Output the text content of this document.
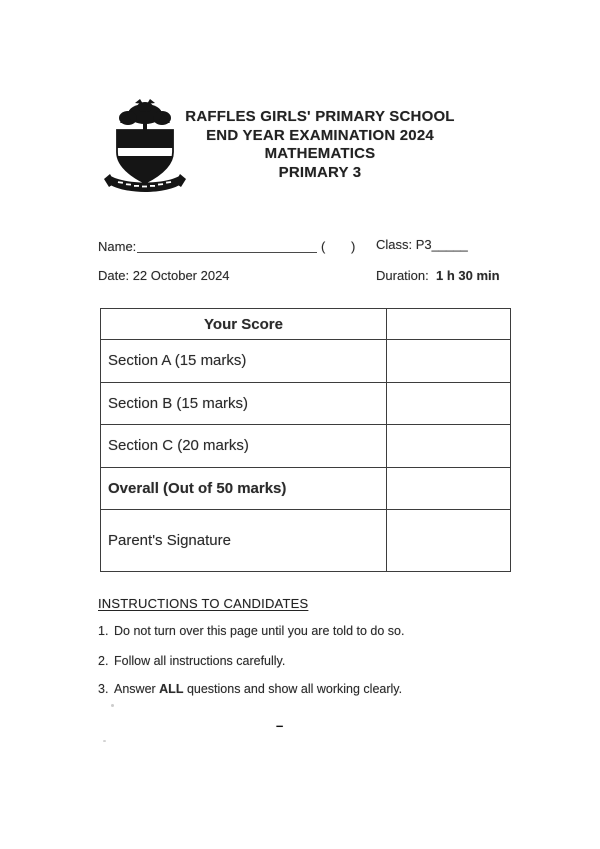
RAFFLES GIRLS' PRIMARY SCHOOL
END YEAR EXAMINATION 2024
MATHEMATICS
PRIMARY 3
Name:	( ) Class: P3_____
Date: 22 October 2024	Duration:  1 h 30 min
Your Score
Section A (15 marks)
Section B (15 marks)
Section C (20 marks)
Overall (Out of 50 marks)
Parent's Signature
INSTRUCTIONS TO CANDIDATES
1. Do not turn over this page until you are told to do so.
2. Follow all instructions carefully.
3. Answer ALL questions and show all working clearly.
–
